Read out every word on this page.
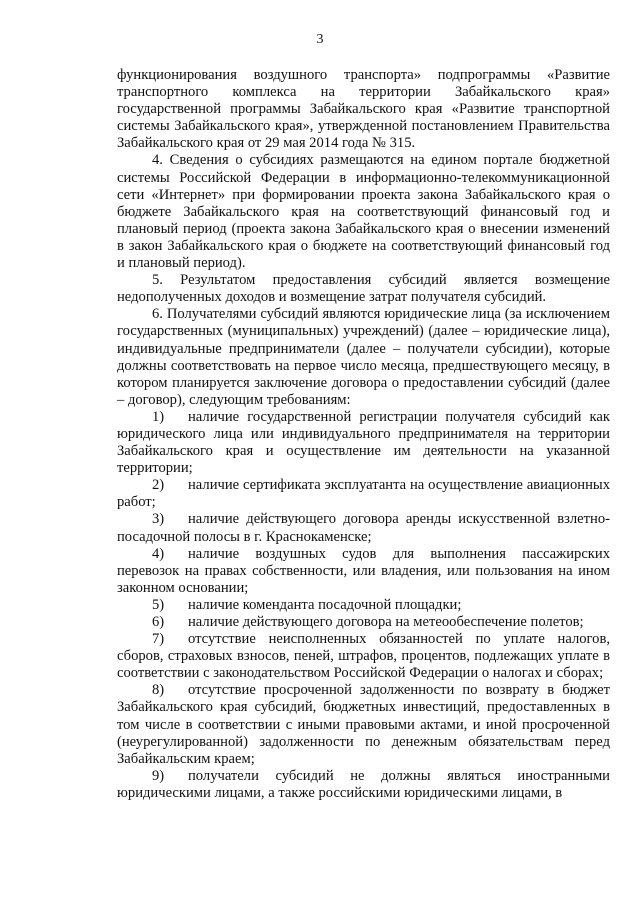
3

функционирования воздушного транспорта» подпрограммы «Развитие транспортного комплекса на территории Забайкальского края» государственной программы Забайкальского края «Развитие транспортной системы Забайкальского края», утвержденной постановлением Правительства Забайкальского края от 29 мая 2014 года № 315.

4. Сведения о субсидиях размещаются на едином портале бюджетной системы Российской Федерации в информационно-телекоммуникационной сети «Интернет» при формировании проекта закона Забайкальского края о бюджете Забайкальского края на соответствующий финансовый год и плановый период (проекта закона Забайкальского края о внесении изменений в закон Забайкальского края о бюджете на соответствующий финансовый год и плановый период).

5. Результатом предоставления субсидий является возмещение недополученных доходов и возмещение затрат получателя субсидий.

6. Получателями субсидий являются юридические лица (за исключением государственных (муниципальных) учреждений) (далее – юридические лица), индивидуальные предприниматели (далее – получатели субсидии), которые должны соответствовать на первое число месяца, предшествующего месяцу, в котором планируется заключение договора о предоставлении субсидий (далее – договор), следующим требованиям:

1) наличие государственной регистрации получателя субсидий как юридического лица или индивидуального предпринимателя на территории Забайкальского края и осуществление им деятельности на указанной территории;

2) наличие сертификата эксплуатанта на осуществление авиационных работ;

3) наличие действующего договора аренды искусственной взлетно-посадочной полосы в г. Краснокаменске;

4) наличие воздушных судов для выполнения пассажирских перевозок на правах собственности, или владения, или пользования на ином законном основании;

5) наличие коменданта посадочной площадки;

6) наличие действующего договора на метеообеспечение полетов;

7) отсутствие неисполненных обязанностей по уплате налогов, сборов, страховых взносов, пеней, штрафов, процентов, подлежащих уплате в соответствии с законодательством Российской Федерации о налогах и сборах;

8) отсутствие просроченной задолженности по возврату в бюджет Забайкальского края субсидий, бюджетных инвестиций, предоставленных в том числе в соответствии с иными правовыми актами, и иной просроченной (неурегулированной) задолженности по денежным обязательствам перед Забайкальским краем;

9) получатели субсидий не должны являться иностранными юридическими лицами, а также российскими юридическими лицами, в
